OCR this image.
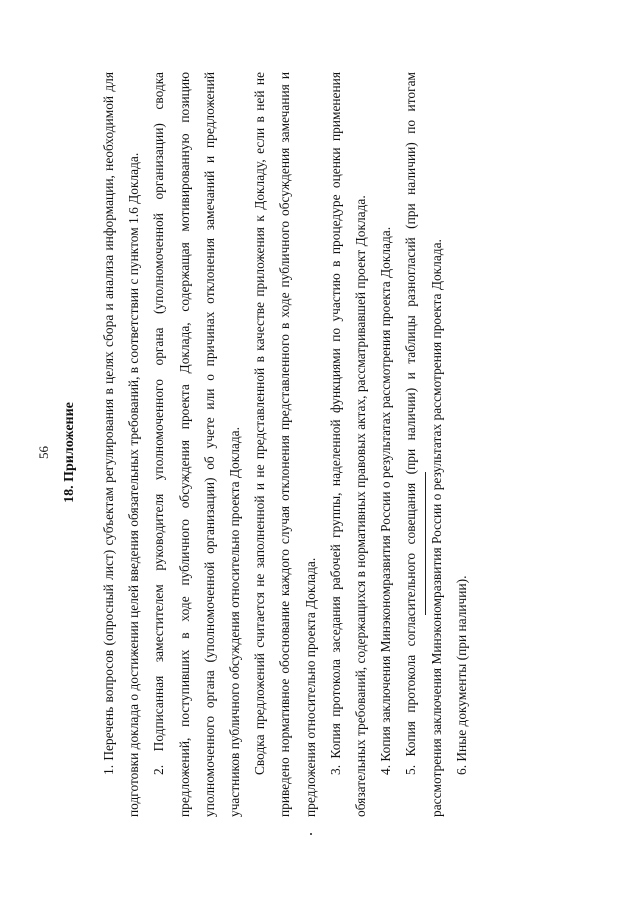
56 18. Приложение	1. Перечень вопросов (опросный лист) субъектам регулирования в целях сбора и анализа информации, необходимой для подготовки доклада о достижении целей введения обязательных требований, в соответствии с пунктом 1.6 Доклада. 2. Подписанная заместителем руководителя уполномоченного органа (уполномоченной организации) сводка предложений, поступивших в ходе публичного обсуждения проекта Доклада, содержащая мотивированную позицию уполномоченного органа (уполномоченной организации) об учете или о причинах отклонения замечаний и предложений участников публичного обсуждения относительно проекта Доклада. Сводка предложений считается не заполненной и не представленной в качестве приложения к Докладу, если в ней не приведено нормативное обоснование каждого случая отклонения представленного в ходе публичного обсуждения замечания и предложения относительно проекта Доклада. 3. Копия протокола заседания рабочей группы, наделенной функциями по участию в процедуре оценки применения обязательных требований, содержащихся в нормативных правовых актах, рассматривавшей проект Доклада. 4. Копия заключения Минэкономразвития России о результатах рассмотрения проекта Доклада. 5. Копия протокола согласительного совещания (при наличии) и таблицы разногласий (при наличии) по итогам рассмотрения заключения Минэкономразвития России о результатах рассмотрения проекта Доклада. 6. Иные документы (при наличии).
